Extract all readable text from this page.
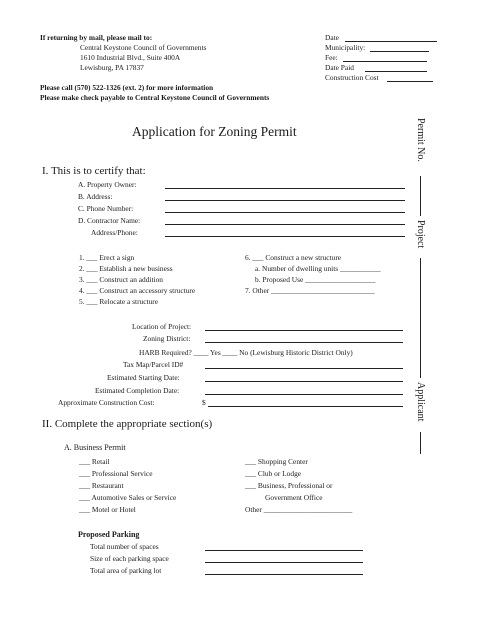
If returning by mail, please mail to:
Central Keystone Council of Governments
1610 Industrial Blvd., Suite 400A
Lewisburg, PA 17837
Please call (570) 522-1326 (ext. 2) for more information
Please make check payable to Central Keystone Council of Governments
Date
Municipality:
Fee:
Date Paid
Construction Cost
Application for Zoning Permit	Permit No.
Project
Applicant
I. This is to certify that:
A. Property Owner:
B. Address:
C. Phone Number:
D. Contractor Name:
Address/Phone:
1. ___ Erect a sign
2. ___ Establish a new business
3. ___ Construct an addition
4. ___ Construct an accessory structure
5. ___ Relocate a structure
6. ___ Construct a new structure
a. Number of dwelling units ___________
b. Proposed Use ___________________
7. Other ____________________________
Location of Project:
Zoning District:
HARB Required? ____ Yes ____ No (Lewisburg Historic District Only)
Tax Map/Parcel ID#
Estimated Starting Date:
Estimated Completion Date:
Approximate Construction Cost:	$
II. Complete the appropriate section(s)
A. Business Permit
___ Retail
___ Professional Service
___ Restaurant
___ Automotive Sales or Service
___ Motel or Hotel
___ Shopping Center
___ Club or Lodge
___ Business, Professional or
Government Office
Other ________________________
Proposed Parking
Total number of spaces
Size of each parking space
Total area of parking lot
